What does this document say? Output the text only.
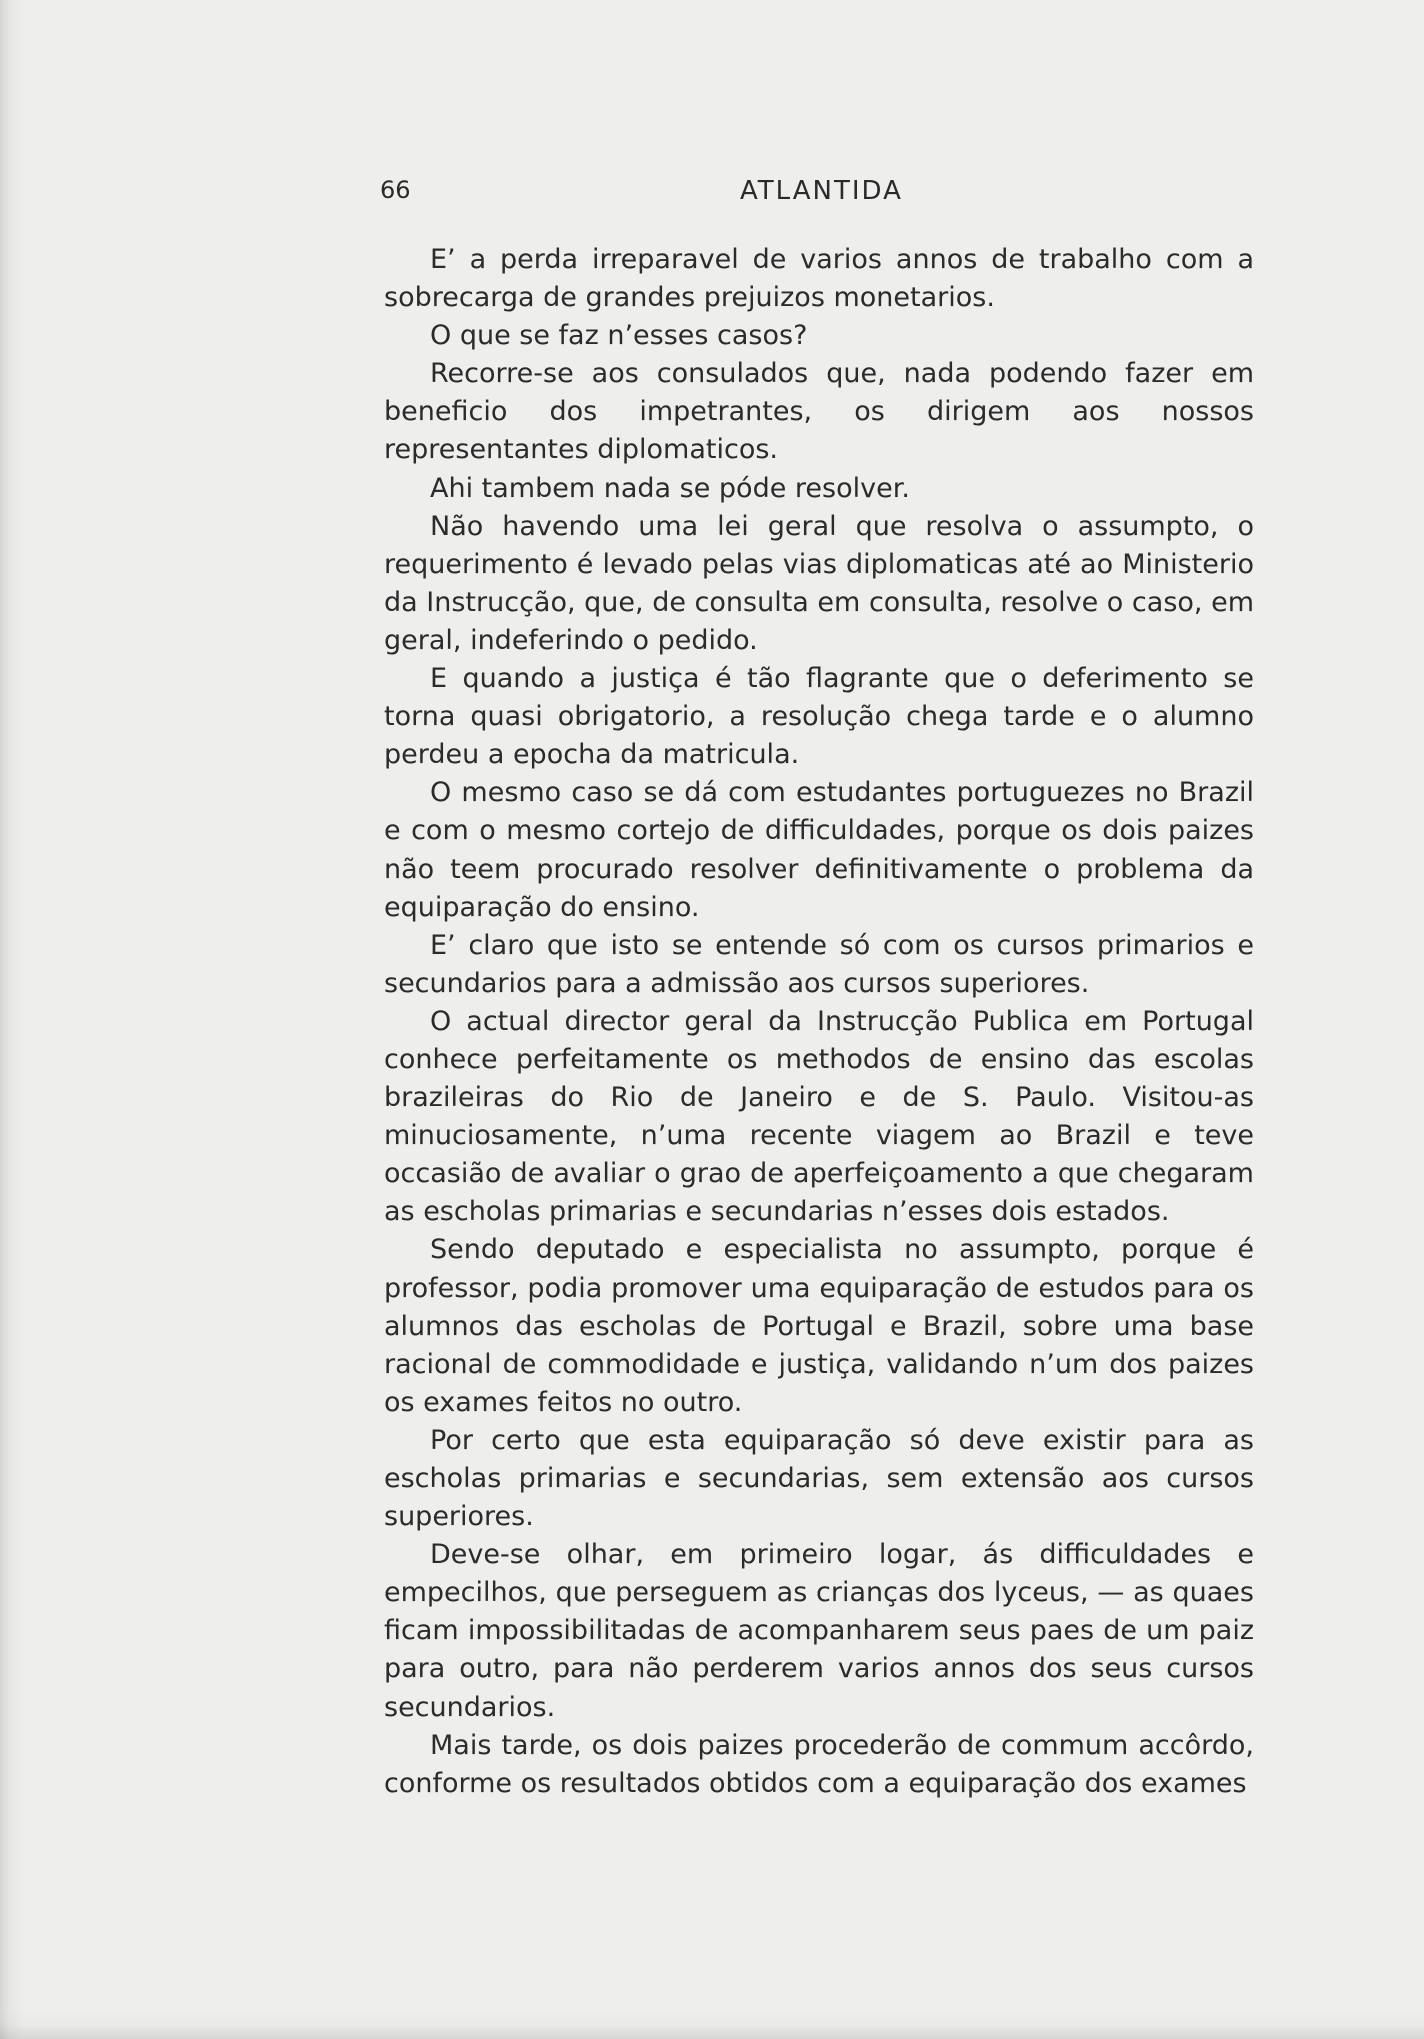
66	ATLANTIDA

E’ a perda irreparavel de varios annos de trabalho com a sobrecarga de grandes prejuizos monetarios.

O que se faz n’esses casos?

Recorre-se aos consulados que, nada podendo fazer em beneficio dos impetrantes, os dirigem aos nossos representantes diplomaticos.

Ahi tambem nada se póde resolver.

Não havendo uma lei geral que resolva o assumpto, o requerimento é levado pelas vias diplomaticas até ao Ministerio da Instrucção, que, de consulta em consulta, resolve o caso, em geral, indeferindo o pedido.

E quando a justiça é tão flagrante que o deferimento se torna quasi obrigatorio, a resolução chega tarde e o alumno perdeu a epocha da matricula.

O mesmo caso se dá com estudantes portuguezes no Brazil e com o mesmo cortejo de difficuldades, porque os dois paizes não teem procurado resolver definitivamente o problema da equiparação do ensino.

E’ claro que isto se entende só com os cursos primarios e secundarios para a admissão aos cursos superiores.

O actual director geral da Instrucção Publica em Portugal conhece perfeitamente os methodos de ensino das escolas brazileiras do Rio de Janeiro e de S. Paulo. Visitou-as minuciosamente, n’uma recente viagem ao Brazil e teve occasião de avaliar o grao de aperfeiçoamento a que chegaram as escholas primarias e secundarias n’esses dois estados.

Sendo deputado e especialista no assumpto, porque é professor, podia promover uma equiparação de estudos para os alumnos das escholas de Portugal e Brazil, sobre uma base racional de commodidade e justiça, validando n’um dos paizes os exames feitos no outro.

Por certo que esta equiparação só deve existir para as escholas primarias e secundarias, sem extensão aos cursos superiores.

Deve-se olhar, em primeiro logar, ás difficuldades e empecilhos, que perseguem as crianças dos lyceus, — as quaes ficam impossibilitadas de acompanharem seus paes de um paiz para outro, para não perderem varios annos dos seus cursos secundarios.

Mais tarde, os dois paizes procederão de commum accôrdo, conforme os resultados obtidos com a equiparação dos exames
